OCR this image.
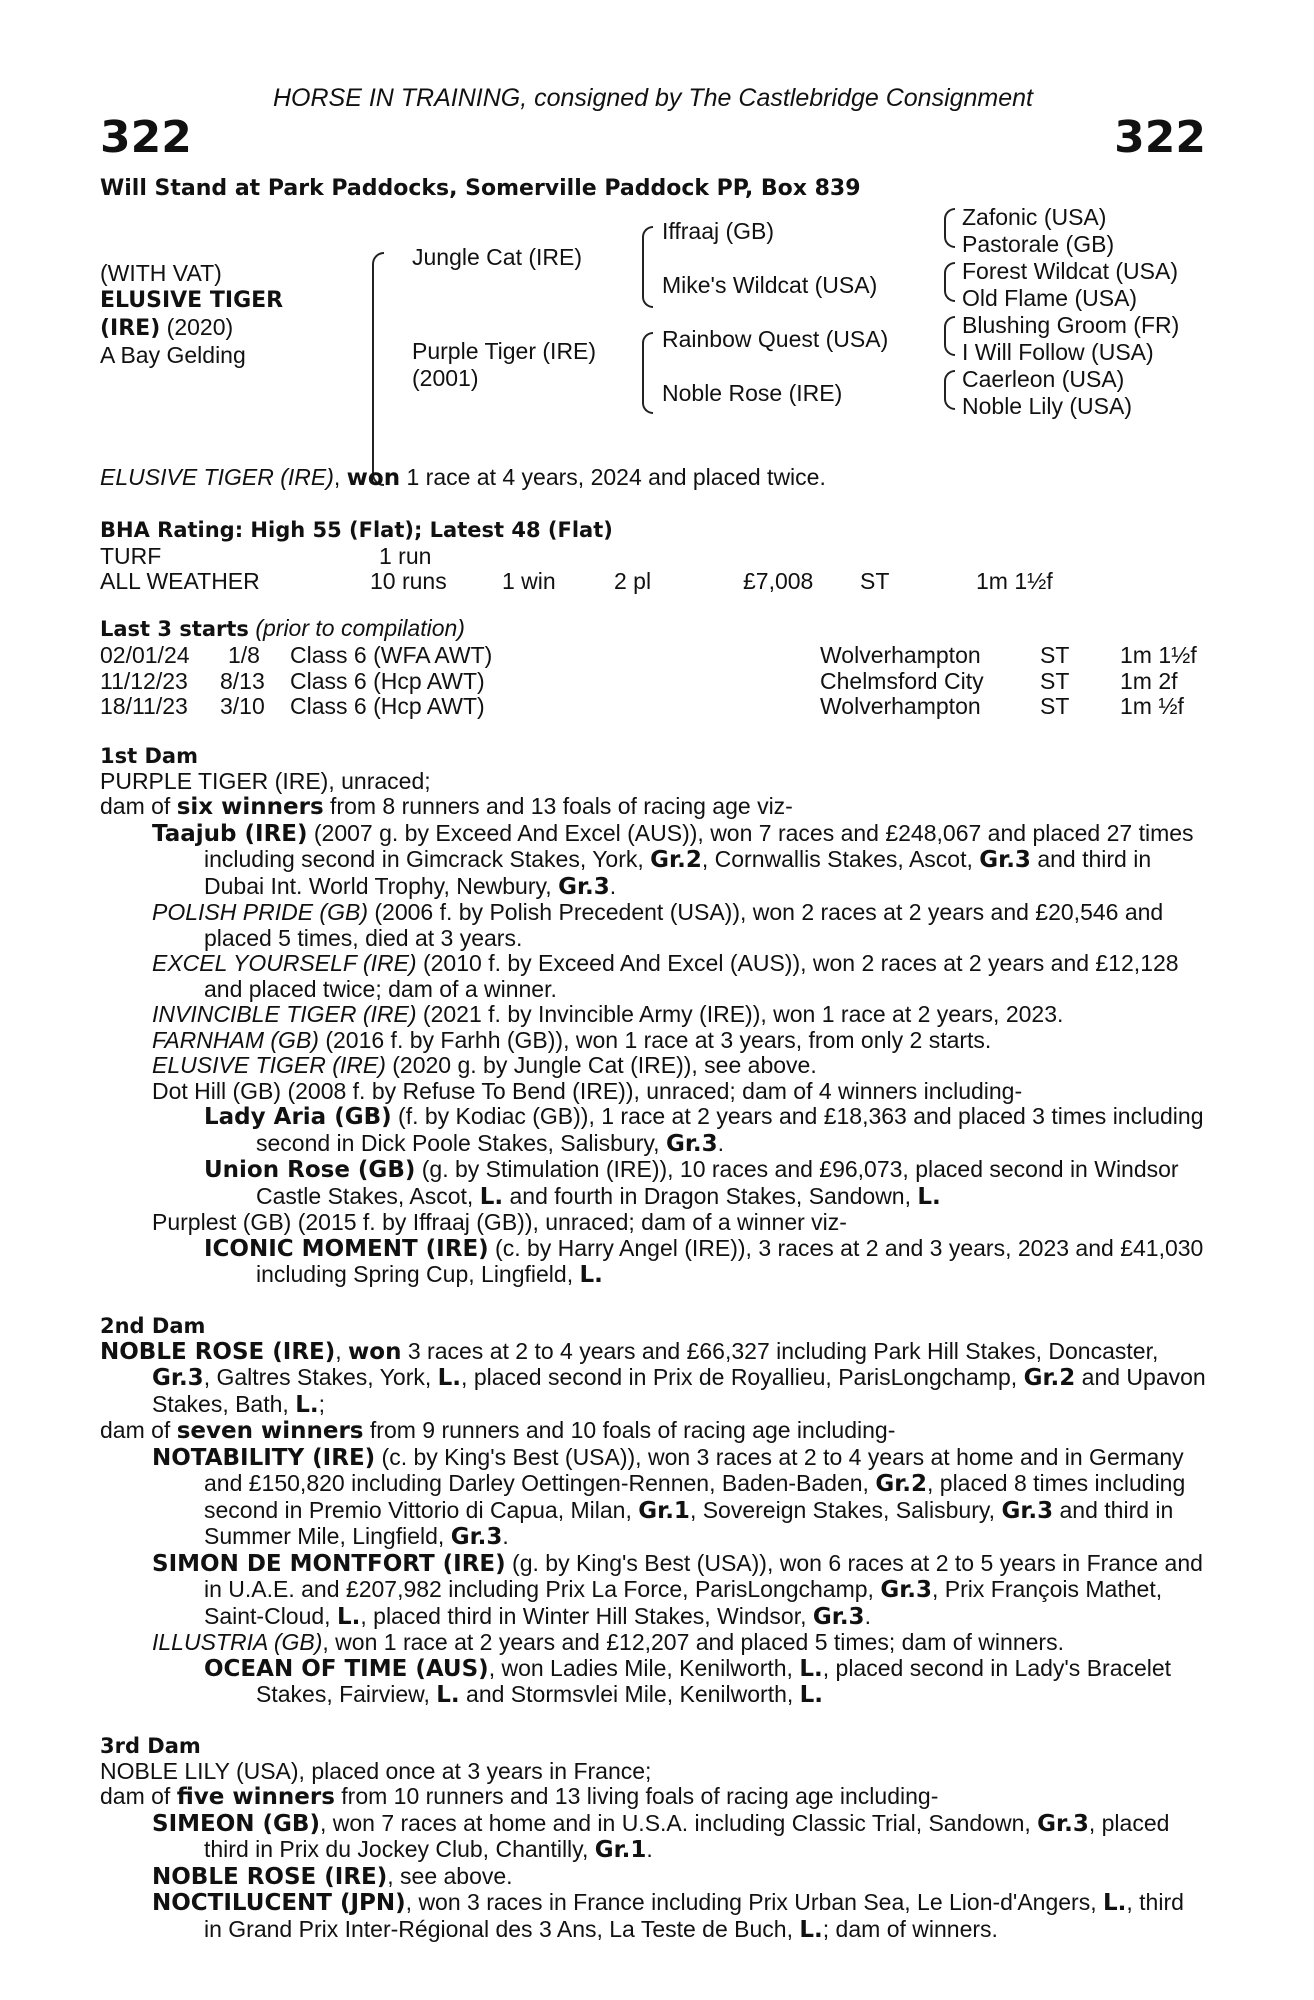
HORSE IN TRAINING, consigned by The Castlebridge Consignment
322	322
Will Stand at Park Paddocks, Somerville Paddock PP, Box 839
(WITH VAT)
ELUSIVE TIGER
(IRE) (2020)
A Bay Gelding
Jungle Cat (IRE)
Purple Tiger (IRE)
(2001)
Iffraaj (GB)
Mike's Wildcat (USA)
Rainbow Quest (USA)
Noble Rose (IRE)
Zafonic (USA)
Pastorale (GB)
Forest Wildcat (USA)
Old Flame (USA)
Blushing Groom (FR)
I Will Follow (USA)
Caerleon (USA)
Noble Lily (USA)
ELUSIVE TIGER (IRE), won 1 race at 4 years, 2024 and placed twice.
BHA Rating: High 55 (Flat); Latest 48 (Flat)
TURF	1 run
ALL WEATHER	10 runs 1 win	2 pl	£7,008 ST	1m 1½f
Last 3 starts (prior to compilation)
02/01/24 1/8 Class 6 (WFA AWT)	Wolverhampton	ST 1m 1½f
11/12/23 8/13 Class 6 (Hcp AWT)	Chelmsford City ST 1m 2f
18/11/23 3/10 Class 6 (Hcp AWT)	Wolverhampton	ST 1m ½f
1st Dam
PURPLE TIGER (IRE), unraced;
dam of six winners from 8 runners and 13 foals of racing age viz-
Taajub (IRE) (2007 g. by Exceed And Excel (AUS)), won 7 races and £248,067 and placed 27 times including second in Gimcrack Stakes, York, Gr.2, Cornwallis Stakes, Ascot, Gr.3 and third in Dubai Int. World Trophy, Newbury, Gr.3.
POLISH PRIDE (GB) (2006 f. by Polish Precedent (USA)), won 2 races at 2 years and £20,546 and placed 5 times, died at 3 years.
EXCEL YOURSELF (IRE) (2010 f. by Exceed And Excel (AUS)), won 2 races at 2 years and £12,128 and placed twice; dam of a winner.
INVINCIBLE TIGER (IRE) (2021 f. by Invincible Army (IRE)), won 1 race at 2 years, 2023.
FARNHAM (GB) (2016 f. by Farhh (GB)), won 1 race at 3 years, from only 2 starts.
ELUSIVE TIGER (IRE) (2020 g. by Jungle Cat (IRE)), see above.
Dot Hill (GB) (2008 f. by Refuse To Bend (IRE)), unraced; dam of 4 winners including-
Lady Aria (GB) (f. by Kodiac (GB)), 1 race at 2 years and £18,363 and placed 3 times including second in Dick Poole Stakes, Salisbury, Gr.3.
Union Rose (GB) (g. by Stimulation (IRE)), 10 races and £96,073, placed second in Windsor Castle Stakes, Ascot, L. and fourth in Dragon Stakes, Sandown, L.
Purplest (GB) (2015 f. by Iffraaj (GB)), unraced; dam of a winner viz-
ICONIC MOMENT (IRE) (c. by Harry Angel (IRE)), 3 races at 2 and 3 years, 2023 and £41,030 including Spring Cup, Lingfield, L.
2nd Dam
NOBLE ROSE (IRE), won 3 races at 2 to 4 years and £66,327 including Park Hill Stakes, Doncaster, Gr.3, Galtres Stakes, York, L., placed second in Prix de Royallieu, ParisLongchamp, Gr.2 and Upavon Stakes, Bath, L.;
dam of seven winners from 9 runners and 10 foals of racing age including-
NOTABILITY (IRE) (c. by King's Best (USA)), won 3 races at 2 to 4 years at home and in Germany and £150,820 including Darley Oettingen-Rennen, Baden-Baden, Gr.2, placed 8 times including second in Premio Vittorio di Capua, Milan, Gr.1, Sovereign Stakes, Salisbury, Gr.3 and third in Summer Mile, Lingfield, Gr.3.
SIMON DE MONTFORT (IRE) (g. by King's Best (USA)), won 6 races at 2 to 5 years in France and in U.A.E. and £207,982 including Prix La Force, ParisLongchamp, Gr.3, Prix François Mathet, Saint-Cloud, L., placed third in Winter Hill Stakes, Windsor, Gr.3.
ILLUSTRIA (GB), won 1 race at 2 years and £12,207 and placed 5 times; dam of winners.
OCEAN OF TIME (AUS), won Ladies Mile, Kenilworth, L., placed second in Lady's Bracelet Stakes, Fairview, L. and Stormsvlei Mile, Kenilworth, L.
3rd Dam
NOBLE LILY (USA), placed once at 3 years in France;
dam of five winners from 10 runners and 13 living foals of racing age including-
SIMEON (GB), won 7 races at home and in U.S.A. including Classic Trial, Sandown, Gr.3, placed third in Prix du Jockey Club, Chantilly, Gr.1.
NOBLE ROSE (IRE), see above.
NOCTILUCENT (JPN), won 3 races in France including Prix Urban Sea, Le Lion-d'Angers, L., third in Grand Prix Inter-Régional des 3 Ans, La Teste de Buch, L.; dam of winners.
